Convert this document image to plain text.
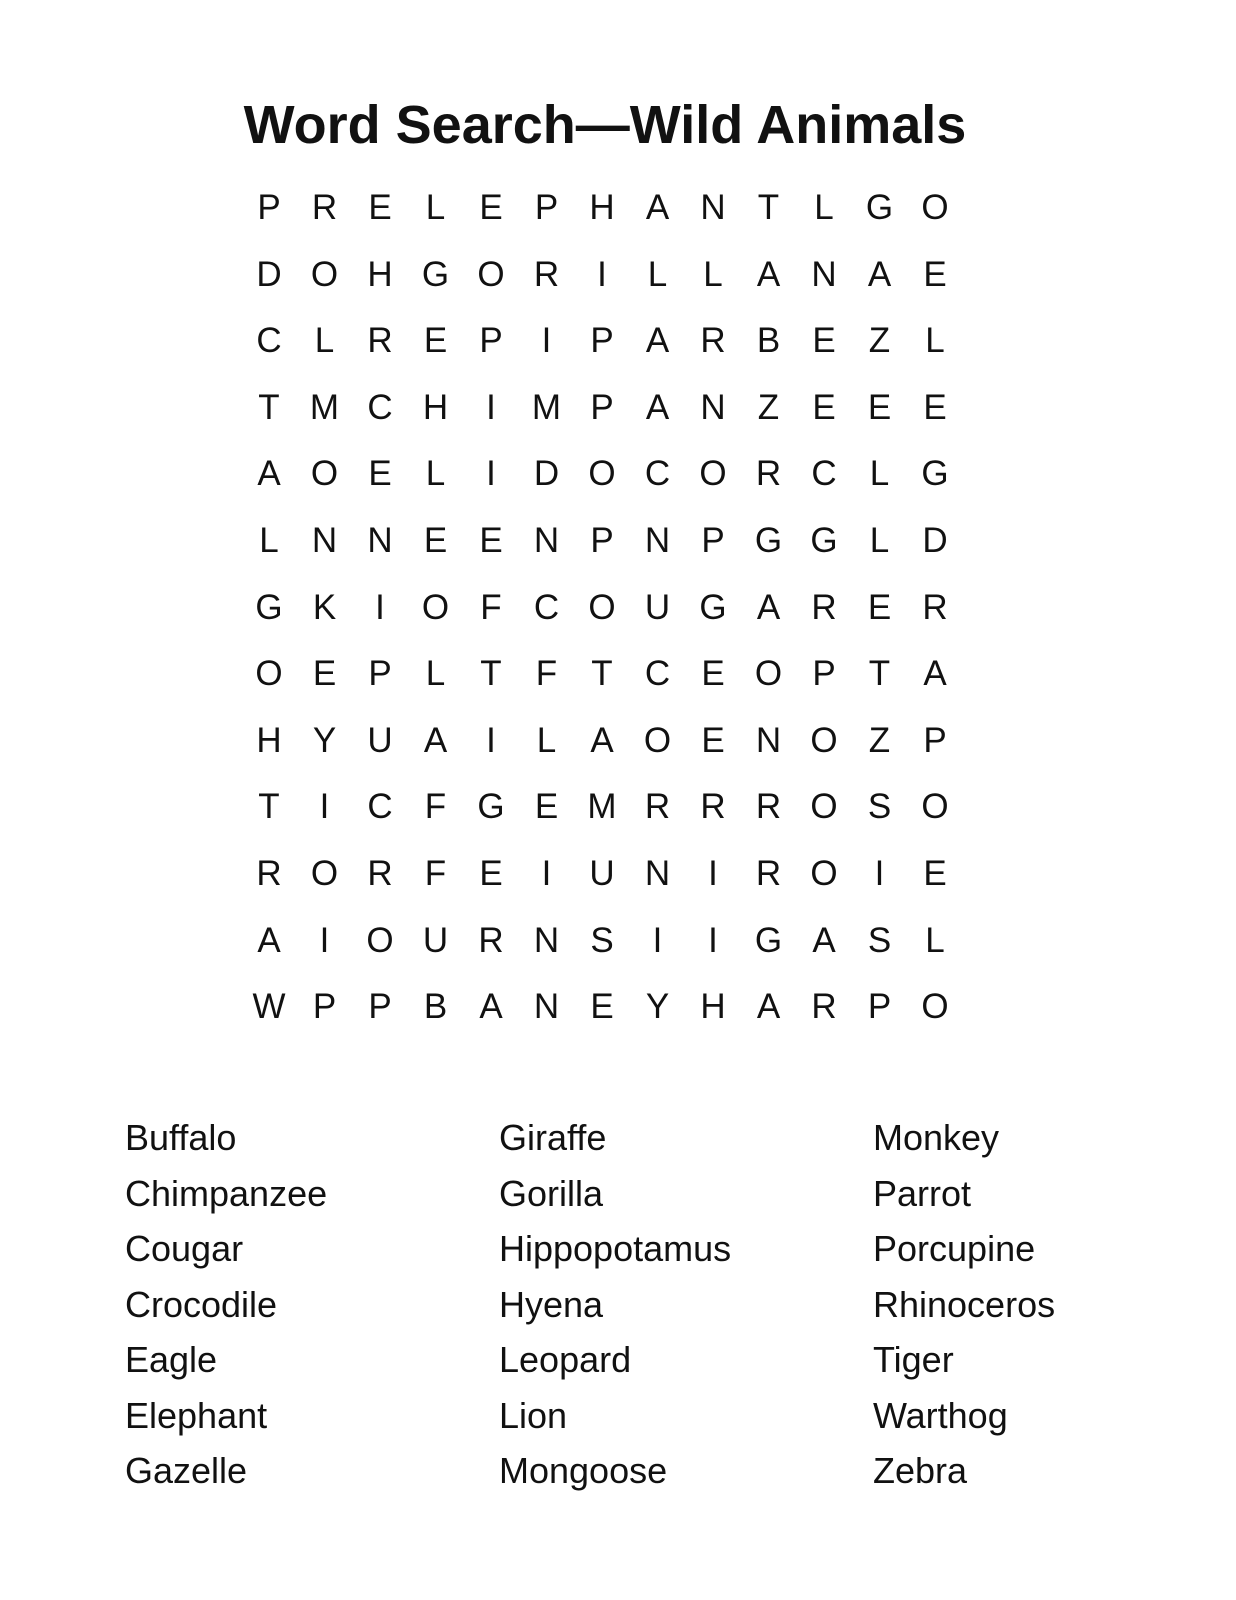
Word Search—Wild Animals
P R E L E P H A N T	L G O
D O H G O R	I	L	L A N A E
C L R E P	I	P A R B E Z	L
T M C H	I	M P A N Z E E E
A O E L	I	D O C O R C L G
L N N E E N P N P G G L D
G K	I	O F C O U G A R E R
O E P L	T F T C E O P T A
H Y U A	I	L A O E N O Z P
T	I	C F G E M R R R O S O
R O R F E	I	U N	I	R O	I	E
A	I	O U R N S	I	I	G A S L
W P P B A N E Y H A R P O
Buffalo
Chimpanzee
Cougar
Crocodile
Eagle
Elephant
Gazelle
Giraffe
Gorilla
Hippopotamus
Hyena
Leopard
Lion
Mongoose
Monkey
Parrot
Porcupine
Rhinoceros
Tiger
Warthog
Zebra
